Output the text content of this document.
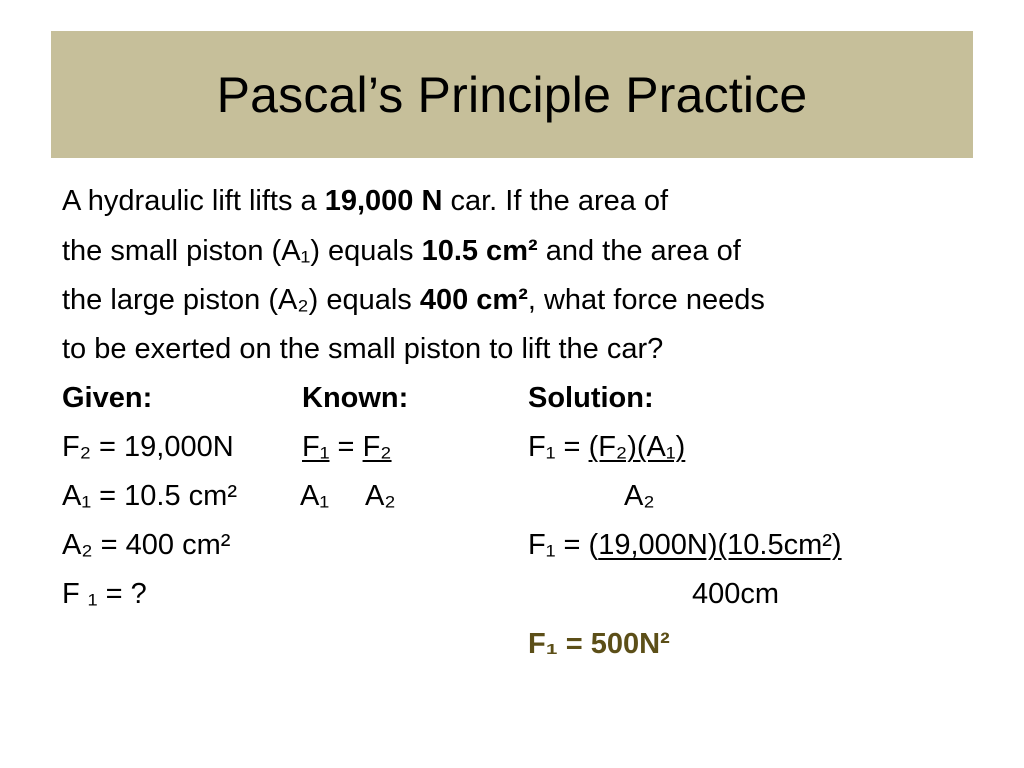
Pascal’s Principle Practice
A hydraulic lift lifts a 19,000 N car. If the area of
the small piston (A₁) equals 10.5 cm² and the area of
the large piston (A₂) equals 400 cm², what force needs
to be exerted on the small piston to lift the car?
Given:	Known:	Solution:
F₂ = 19,000N
A₁ = 10.5 cm²
A₂ = 400 cm²
F ₁ = ?
F₁ = F₂
A₁ A₂
F₁ = (F₂)(A₁)
A₂
F₁ = (19,000N)(10.5cm²)
400cm
F₁ = 500N²
